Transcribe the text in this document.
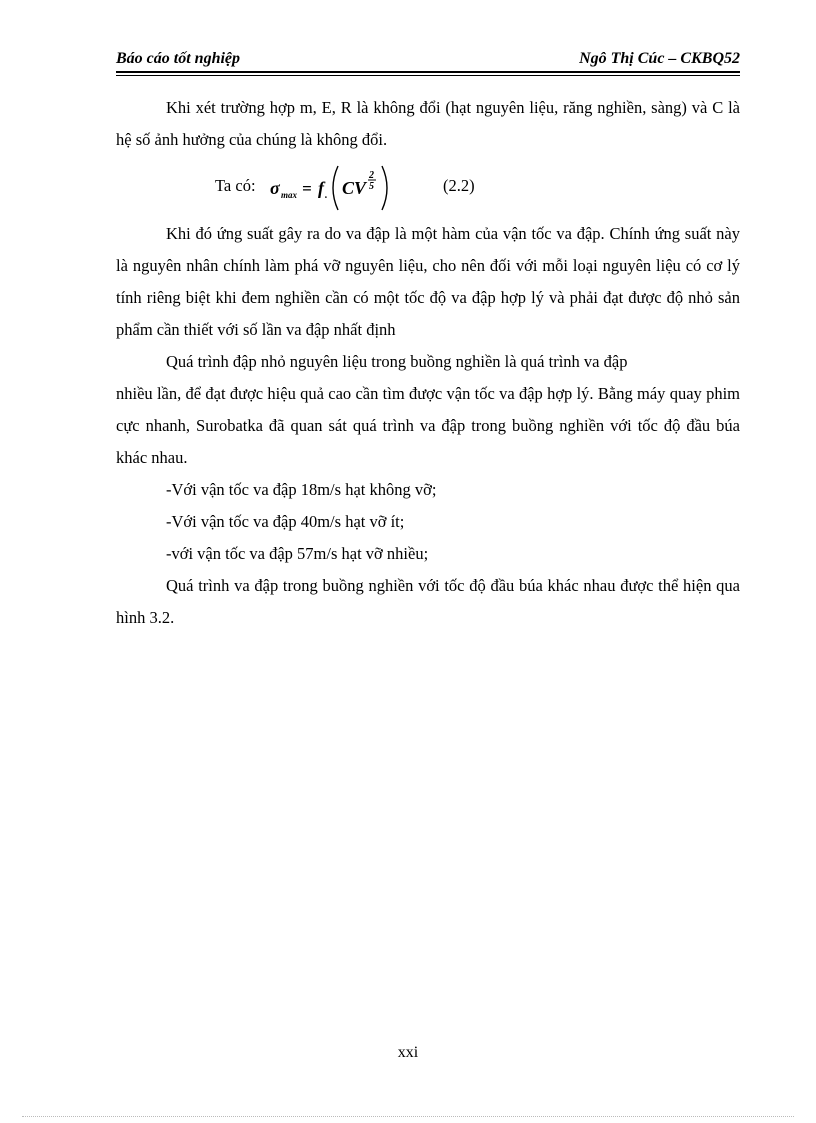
Báo cáo tốt nghiệp	Ngô Thị Cúc – CKBQ52

Khi xét trường hợp m, E, R là không đổi (hạt nguyên liệu, răng nghiền, sàng) và C là hệ số ảnh hưởng của chúng là không đổi.

Ta có: σ max = f . CV
2
5	(2.2)

Khi đó ứng suất gây ra do va đập là một hàm của vận tốc va đập. Chính ứng suất này là nguyên nhân chính làm phá vỡ nguyên liệu, cho nên đối với mỗi loại nguyên liệu có cơ lý tính riêng biệt khi đem nghiền cần có một tốc độ va đập hợp lý và phải đạt được độ nhỏ sản phẩm cần thiết với số lần va đập nhất định

Quá trình đập nhỏ nguyên liệu trong buồng nghiền là quá trình va đập

nhiều lần, để đạt được hiệu quả cao cần tìm được vận tốc va đập hợp lý. Bằng máy quay phim cực nhanh, Surobatka đã quan sát quá trình va đập trong buồng nghiền với tốc độ đầu búa khác nhau.

-Với vận tốc va đập 18m/s hạt không vỡ;

-Với vận tốc va đập 40m/s hạt vỡ ít;

-với vận tốc va đập 57m/s hạt vỡ nhiều;

Quá trình va đập trong buồng nghiền với tốc độ đầu búa khác nhau được thể hiện qua hình 3.2.

xxi
